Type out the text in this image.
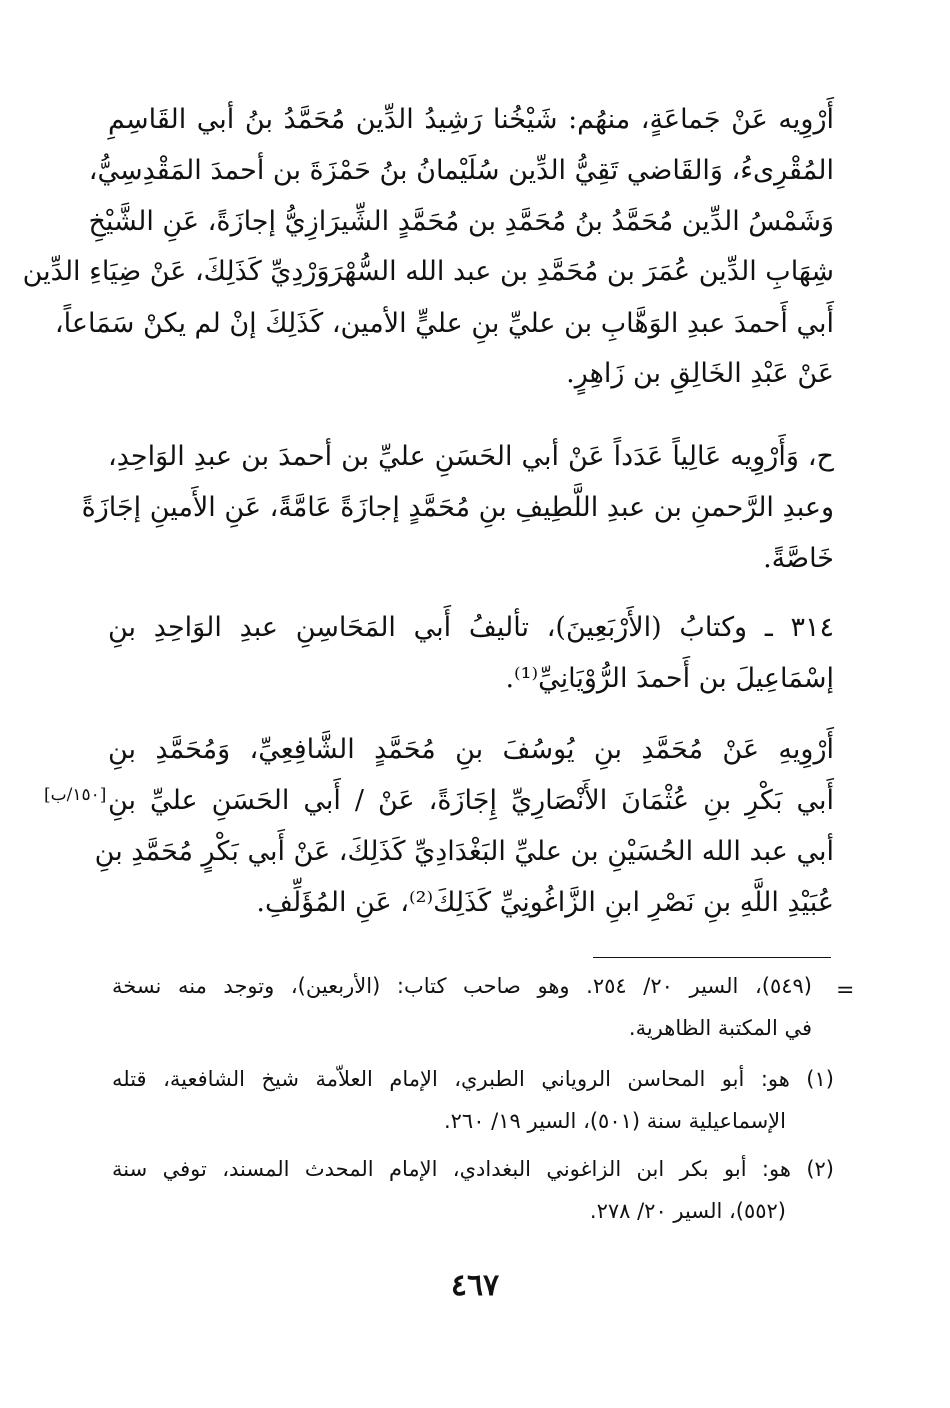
أَرْوِيه عَنْ جَماعَةٍ، منهُم: شَيْخُنا رَشِيدُ الدِّين مُحَمَّدُ بنُ أبي القَاسِمِ
المُقْرِىءُ، وَالقَاضي تَقِيُّ الدِّين سُلَيْمانُ بنُ حَمْزَةَ بن أحمدَ المَقْدِسِيُّ،
وَشَمْسُ الدِّين مُحَمَّدُ بنُ مُحَمَّدِ بن مُحَمَّدٍ الشِّيرَازِيُّ إجازَةً، عَنِ الشَّيْخِ
شِهَابِ الدِّين عُمَرَ بن مُحَمَّدِ بن عبد الله السُّهْرَوَرْدِيِّ كَذَلِكَ، عَنْ ضِيَاءِ الدِّين
أَبي أَحمدَ عبدِ الوَهَّابِ بن عليِّ بنِ عليٍّ الأمين، كَذَلِكَ إنْ لم يكنْ سَمَاعاً،
عَنْ عَبْدِ الخَالِقِ بن زَاهِرٍ.
ح، وَأَرْوِيه عَالِياً عَدَداً عَنْ أبي الحَسَنِ عليِّ بن أحمدَ بن عبدِ الوَاحِدِ،
وعبدِ الرَّحمنِ بن عبدِ اللَّطِيفِ بنِ مُحَمَّدٍ إجازَةً عَامَّةً، عَنِ الأَمينِ إجَازَةً
خَاصَّةً.
٣١٤ ـ وكتابُ (الأَرْبَعِينَ)، تأليفُ أَبي المَحَاسِنِ عبدِ الوَاحِدِ بنِ
إسْمَاعِيلَ بن أَحمدَ الرُّوْيَانِيِّ⁽¹⁾.
أَرْوِيهِ عَنْ مُحَمَّدِ بنِ يُوسُفَ بنِ مُحَمَّدٍ الشَّافِعِيِّ، وَمُحَمَّدِ بنِ
أَبي بَكْرِ بنِ عُثْمَانَ الأَنْصَارِيِّ إِجَازَةً، عَنْ / أَبي الحَسَنِ عليِّ بنِ
أبي عبد الله الحُسَيْنِ بن عليِّ البَغْدَادِيِّ كَذَلِكَ، عَنْ أَبي بَكْرٍ مُحَمَّدِ بنِ
عُبَيْدِ اللَّهِ بنِ نَصْرِ ابنِ الزَّاغُونِيِّ كَذَلِكَ⁽²⁾، عَنِ المُؤَلِّفِ.
[١٥٠/ب]
=
(٥٤٩)، السير ٢٠/ ٢٥٤. وهو صاحب كتاب: (الأربعين)، وتوجد منه نسخة
في المكتبة الظاهرية.
(١) هو: أبو المحاسن الروياني الطبري، الإمام العلاّمة شيخ الشافعية، قتله
الإسماعيلية سنة (٥٠١)، السير ١٩/ ٢٦٠.
(٢) هو: أبو بكر ابن الزاغوني البغدادي، الإمام المحدث المسند، توفي سنة
(٥٥٢)، السير ٢٠/ ٢٧٨.
٤٦٧
